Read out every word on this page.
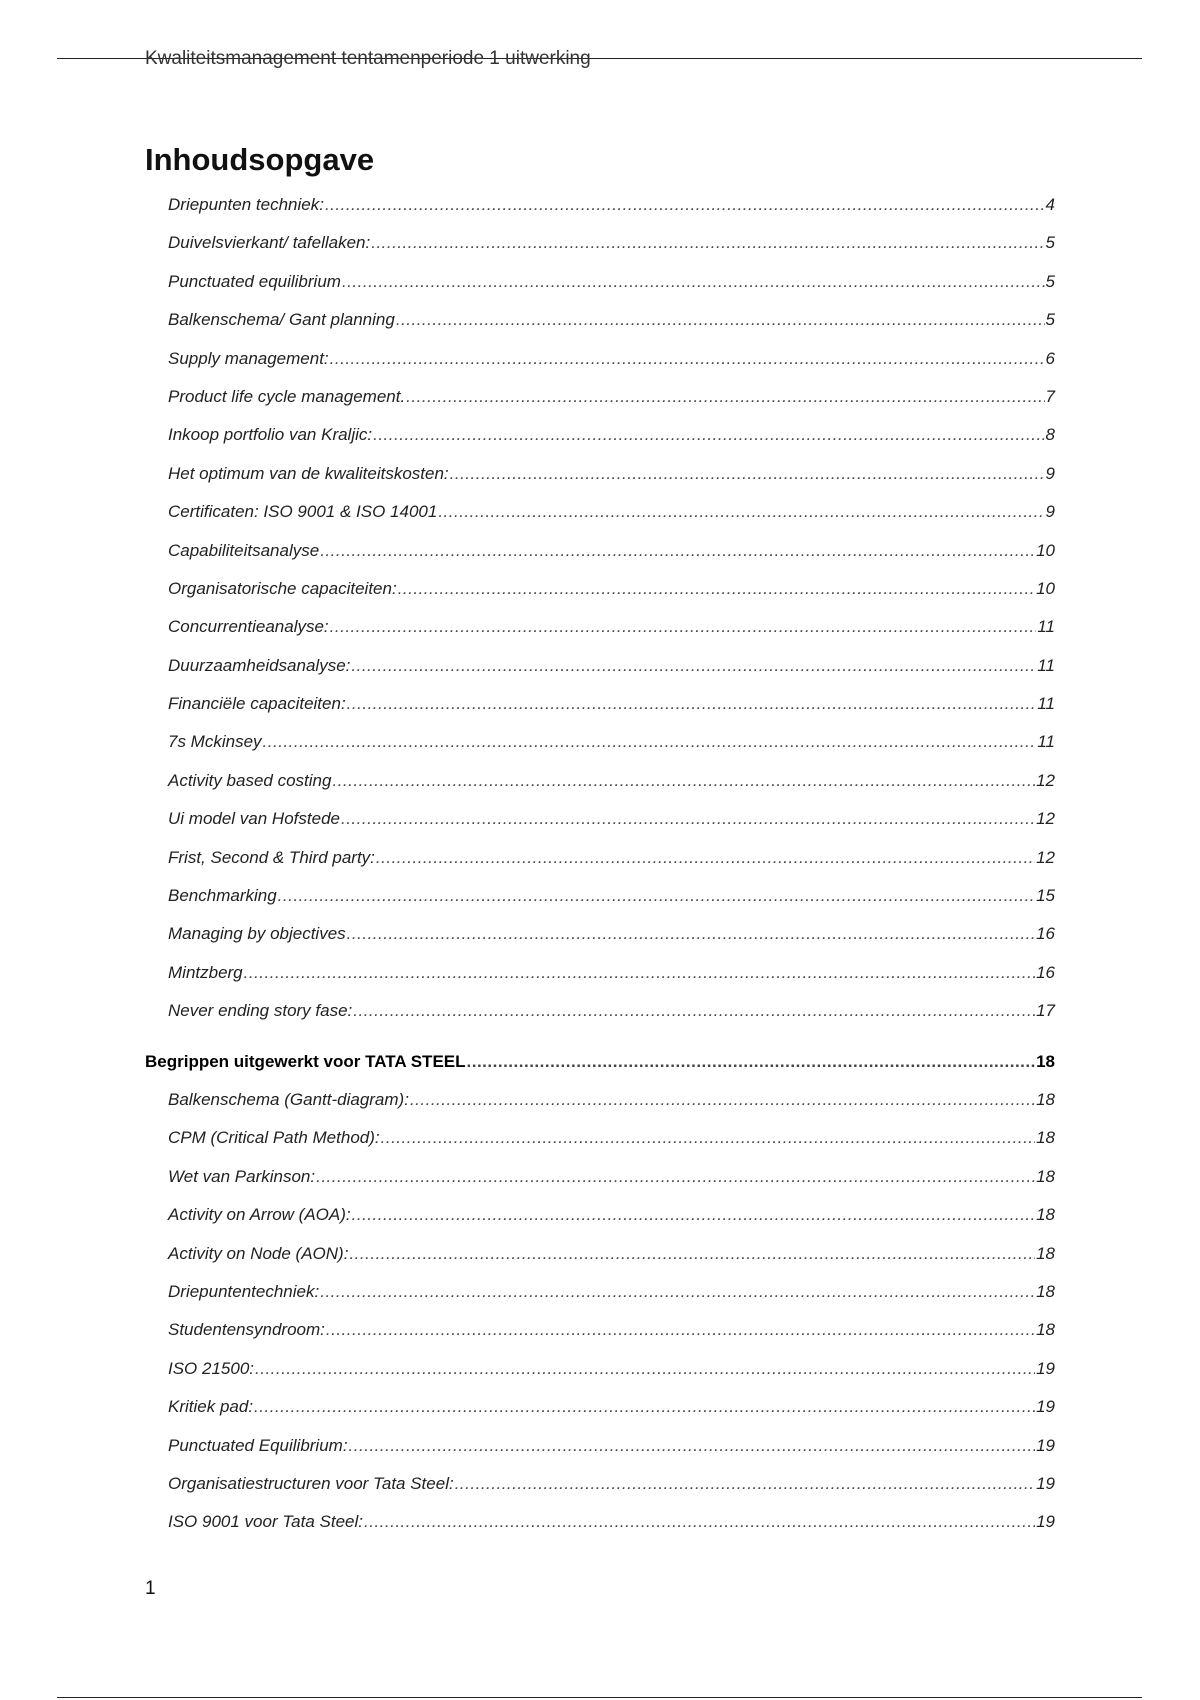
Kwaliteitsmanagement tentamenperiode 1 uitwerking
Inhoudsopgave
Driepunten techniek: .....	4
Duivelsvierkant/ tafellaken: .....	5
Punctuated equilibrium .....	5
Balkenschema/ Gant planning .....	5
Supply management: .....	6
Product life cycle management. .....	7
Inkoop portfolio van Kraljic: .....	8
Het optimum van de kwaliteitskosten: .....	9
Certificaten: ISO 9001 & ISO 14001 .....	9
Capabiliteitsanalyse .....	10
Organisatorische capaciteiten: .....	10
Concurrentieanalyse: .....	11
Duurzaamheidsanalyse: .....	11
Financiële capaciteiten: .....	11
7s Mckinsey .....	11
Activity based costing .....	12
Ui model van Hofstede .....	12
Frist, Second & Third party: .....	12
Benchmarking .....	15
Managing by objectives .....	16
Mintzberg .....	16
Never ending story fase: .....	17
Begrippen uitgewerkt voor TATA STEEL .....	18
Balkenschema (Gantt-diagram): .....	18
CPM (Critical Path Method): .....	18
Wet van Parkinson: .....	18
Activity on Arrow (AOA): .....	18
Activity on Node (AON): .....	18
Driepuntentechniek: .....	18
Studentensyndroom: .....	18
ISO 21500: .....	19
Kritiek pad: .....	19
Punctuated Equilibrium: .....	19
Organisatiestructuren voor Tata Steel: .....	19
ISO 9001 voor Tata Steel: .....	19
1
